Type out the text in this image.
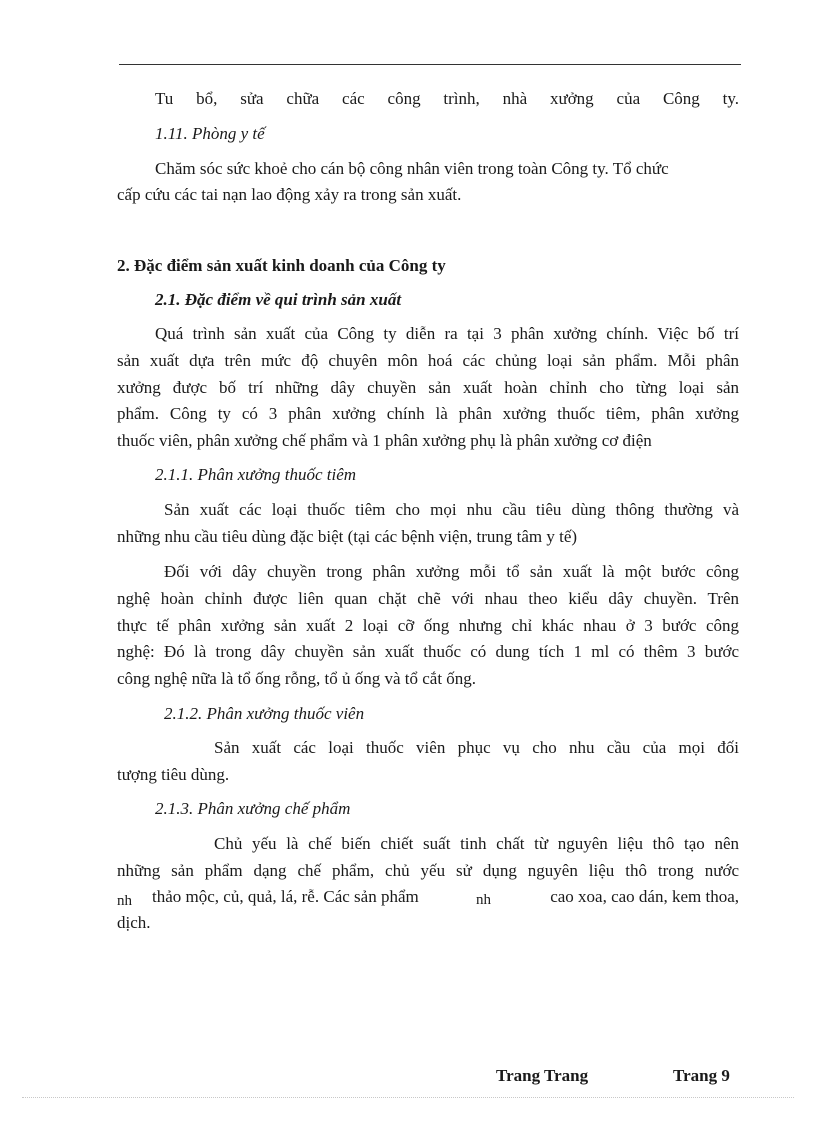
Tu bổ, sửa chữa các công trình, nhà xưởng của Công ty.
1.11. Phòng y tế
Chăm sóc sức khoẻ cho cán bộ công nhân viên trong toàn Công ty. Tổ chức
cấp cứu các tai nạn lao động xảy ra trong sản xuất.
2. Đặc điểm sản xuất kinh doanh của Công ty
2.1. Đặc điểm về qui trình sản xuất
Quá trình sản xuất của Công ty diễn ra tại 3 phân xưởng chính. Việc bố trí
sản xuất dựa trên mức độ chuyên môn hoá các chủng loại sản phẩm. Mỗi phân
xưởng được bố trí những dây chuyền sản xuất hoàn chỉnh cho từng loại sản
phẩm. Công ty có 3 phân xưởng chính là phân xưởng thuốc tiêm, phân xưởng
thuốc viên, phân xưởng chế phẩm và 1 phân xưởng phụ là phân xưởng cơ điện
2.1.1. Phân xưởng thuốc tiêm
Sản xuất các loại thuốc tiêm cho mọi nhu cầu tiêu dùng thông thường và
những nhu cầu tiêu dùng đặc biệt (tại các bệnh viện, trung tâm y tế)
Đối với dây chuyền trong phân xưởng mỗi tổ sản xuất là một bước công
nghệ hoàn chỉnh được liên quan chặt chẽ với nhau theo kiểu dây chuyền. Trên
thực tế phân xưởng sản xuất 2 loại cỡ ống nhưng chỉ khác nhau ở 3 bước công
nghệ: Đó là trong dây chuyền sản xuất thuốc có dung tích 1 ml có thêm 3 bước
công nghệ nữa là tổ ống rỗng, tổ ủ ống và tổ cắt ống.
2.1.2. Phân xưởng thuốc viên
Sản xuất các loại thuốc viên phục vụ cho nhu cầu của mọi đối
tượng tiêu dùng.
2.1.3. Phân xưởng chế phẩm
Chủ yếu là chế biến chiết suất tinh chất từ nguyên liệu thô tạo nên
những sản phẩm dạng chế phẩm, chủ yếu sử dụng nguyên liệu thô trong nước
nh thảo mộc, củ, quả, lá, rễ. Các sản phẩm	nh	cao xoa, cao dán, kem thoa,
dịch.
Trang Trang	Trang 9
